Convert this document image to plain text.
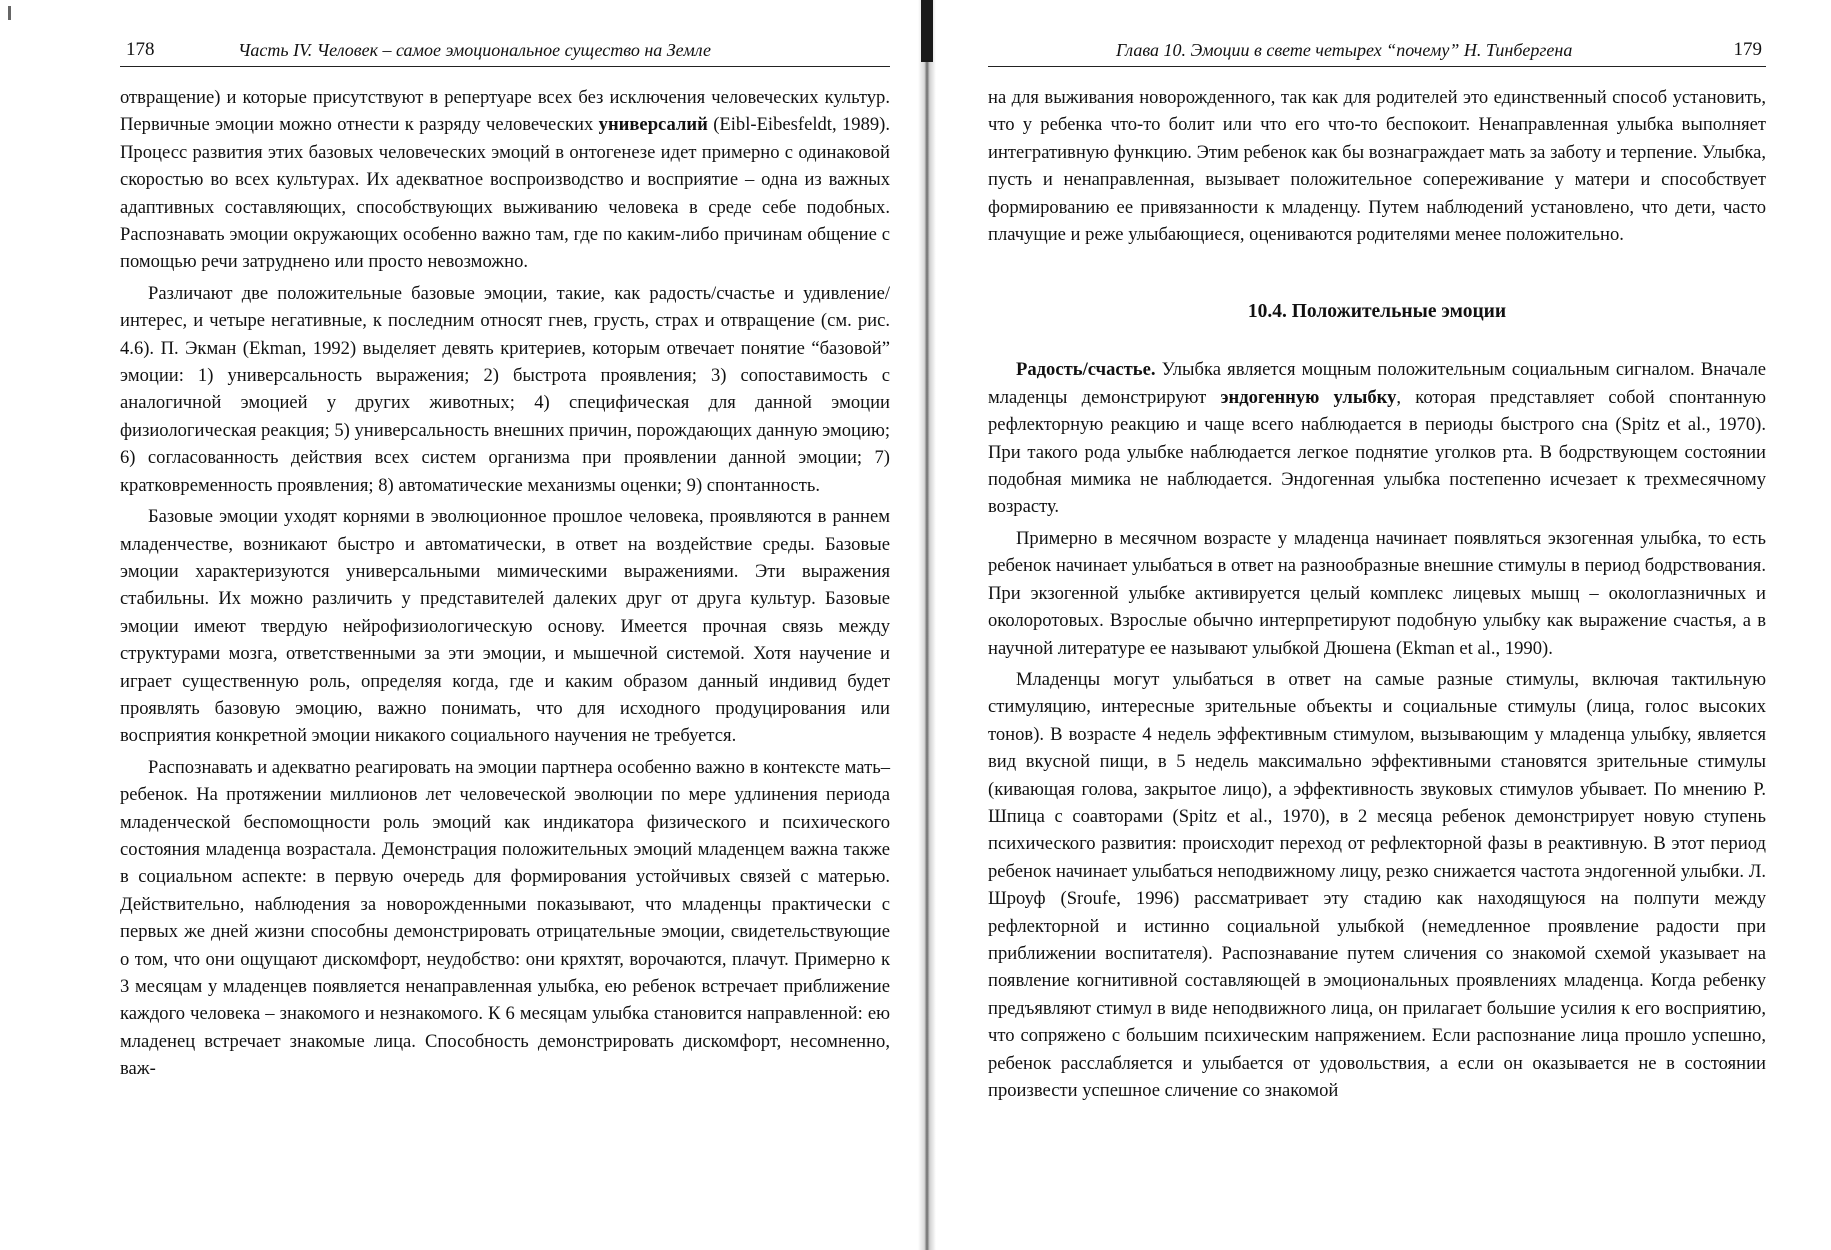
178	Часть IV. Человек – самое эмоциональное существо на Земле

отвращение) и которые присутствуют в репертуаре всех без исключения человеческих культур. Первичные эмоции можно отнести к разряду человеческих универсалий (Eibl-Eibesfeldt, 1989). Процесс развития этих базовых человеческих эмоций в онтогенезе идет примерно с одинаковой скоростью во всех культурах. Их адекватное воспроизводство и восприятие – одна из важных адаптивных составляющих, способствующих выживанию человека в среде себе подобных. Распознавать эмоции окружающих особенно важно там, где по каким-либо причинам общение с помощью речи затруднено или просто невозможно.

Различают две положительные базовые эмоции, такие, как радость/счастье и удивление/интерес, и четыре негативные, к последним относят гнев, грусть, страх и отвращение (см. рис. 4.6). П. Экман (Ekman, 1992) выделяет девять критериев, которым отвечает понятие “базовой” эмоции: 1) универсальность выражения; 2) быстрота проявления; 3) сопоставимость с аналогичной эмоцией у других животных; 4) специфическая для данной эмоции физиологическая реакция; 5) универсальность внешних причин, порождающих данную эмоцию; 6) согласованность действия всех систем организма при проявлении данной эмоции; 7) кратковременность проявления; 8) автоматические механизмы оценки; 9) спонтанность.

Базовые эмоции уходят корнями в эволюционное прошлое человека, проявляются в раннем младенчестве, возникают быстро и автоматически, в ответ на воздействие среды. Базовые эмоции характеризуются универсальными мимическими выражениями. Эти выражения стабильны. Их можно различить у представителей далеких друг от друга культур. Базовые эмоции имеют твердую нейрофизиологическую основу. Имеется прочная связь между структурами мозга, ответственными за эти эмоции, и мышечной системой. Хотя научение и играет существенную роль, определяя когда, где и каким образом данный индивид будет проявлять базовую эмоцию, важно понимать, что для исходного продуцирования или восприятия конкретной эмоции никакого социального научения не требуется.

Распознавать и адекватно реагировать на эмоции партнера особенно важно в контексте мать–ребенок. На протяжении миллионов лет человеческой эволюции по мере удлинения периода младенческой беспомощности роль эмоций как индикатора физического и психического состояния младенца возрастала. Демонстрация положительных эмоций младенцем важна также в социальном аспекте: в первую очередь для формирования устойчивых связей с матерью. Действительно, наблюдения за новорожденными показывают, что младенцы практически с первых же дней жизни способны демонстрировать отрицательные эмоции, свидетельствующие о том, что они ощущают дискомфорт, неудобство: они кряхтят, ворочаются, плачут. Примерно к 3 месяцам у младенцев появляется ненаправленная улыбка, ею ребенок встречает приближение каждого человека – знакомого и незнакомого. К 6 месяцам улыбка становится направленной: ею младенец встречает знакомые лица. Способность демонстрировать дискомфорт, несомненно, важ-

Глава 10. Эмоции в свете четырех “почему” Н. Тинбергена	179

на для выживания новорожденного, так как для родителей это единственный способ установить, что у ребенка что-то болит или что его что-то беспокоит. Ненаправленная улыбка выполняет интегративную функцию. Этим ребенок как бы вознаграждает мать за заботу и терпение. Улыбка, пусть и ненаправленная, вызывает положительное сопереживание у матери и способствует формированию ее привязанности к младенцу. Путем наблюдений установлено, что дети, часто плачущие и реже улыбающиеся, оцениваются родителями менее положительно.

10.4. Положительные эмоции

Радость/счастье. Улыбка является мощным положительным социальным сигналом. Вначале младенцы демонстрируют эндогенную улыбку, которая представляет собой спонтанную рефлекторную реакцию и чаще всего наблюдается в периоды быстрого сна (Spitz et al., 1970). При такого рода улыбке наблюдается легкое поднятие уголков рта. В бодрствующем состоянии подобная мимика не наблюдается. Эндогенная улыбка постепенно исчезает к трехмесячному возрасту.

Примерно в месячном возрасте у младенца начинает появляться экзогенная улыбка, то есть ребенок начинает улыбаться в ответ на разнообразные внешние стимулы в период бодрствования. При экзогенной улыбке активируется целый комплекс лицевых мышц – окологлазничных и околоротовых. Взрослые обычно интерпретируют подобную улыбку как выражение счастья, а в научной литературе ее называют улыбкой Дюшена (Ekman et al., 1990).

Младенцы могут улыбаться в ответ на самые разные стимулы, включая тактильную стимуляцию, интересные зрительные объекты и социальные стимулы (лица, голос высоких тонов). В возрасте 4 недель эффективным стимулом, вызывающим у младенца улыбку, является вид вкусной пищи, в 5 недель максимально эффективными становятся зрительные стимулы (кивающая голова, закрытое лицо), а эффективность звуковых стимулов убывает. По мнению Р. Шпица с соавторами (Spitz et al., 1970), в 2 месяца ребенок демонстрирует новую ступень психического развития: происходит переход от рефлекторной фазы в реактивную. В этот период ребенок начинает улыбаться неподвижному лицу, резко снижается частота эндогенной улыбки. Л. Шроуф (Sroufe, 1996) рассматривает эту стадию как находящуюся на полпути между рефлекторной и истинно социальной улыбкой (немедленное проявление радости при приближении воспитателя). Распознавание путем сличения со знакомой схемой указывает на появление когнитивной составляющей в эмоциональных проявлениях младенца. Когда ребенку предъявляют стимул в виде неподвижного лица, он прилагает большие усилия к его восприятию, что сопряжено с большим психическим напряжением. Если распознание лица прошло успешно, ребенок расслабляется и улыбается от удовольствия, а если он оказывается не в состоянии произвести успешное сличение со знакомой
